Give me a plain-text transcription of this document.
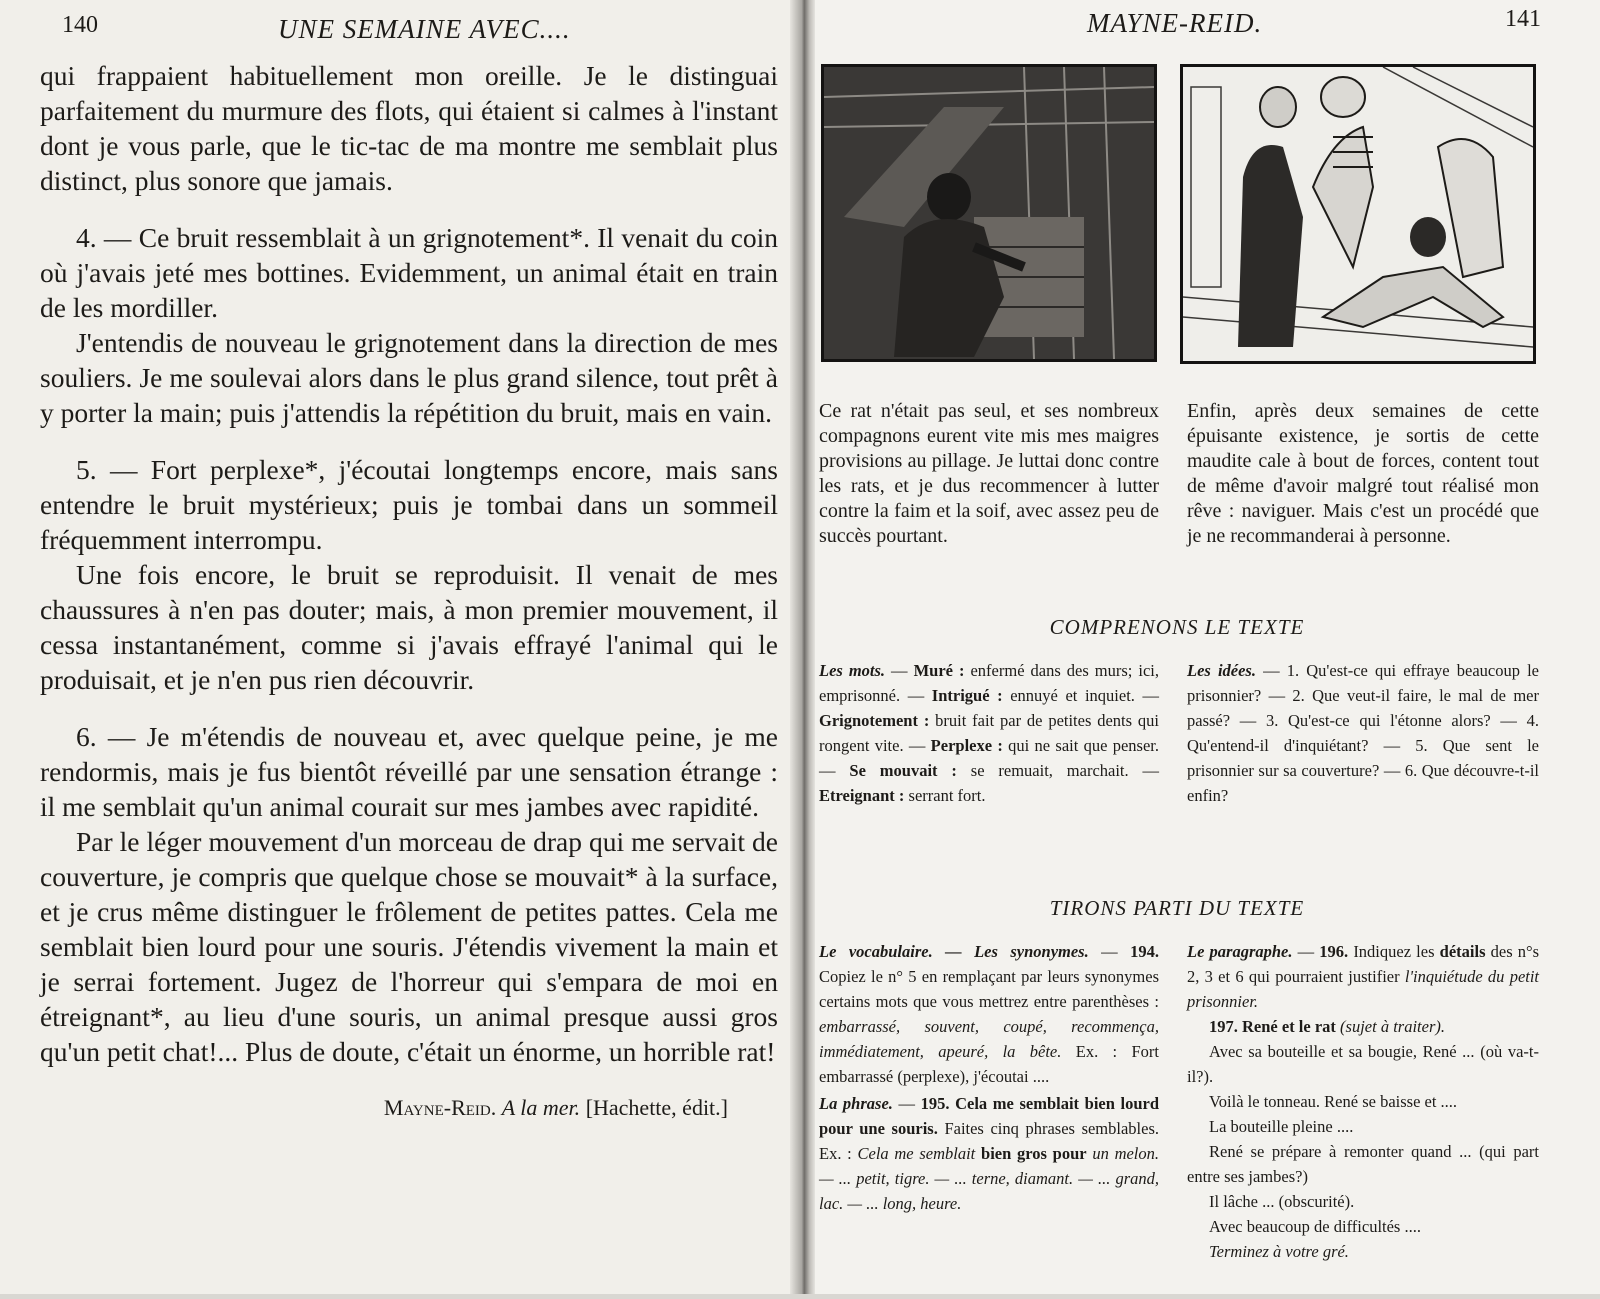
140	UNE SEMAINE AVEC....

qui frappaient habituellement mon oreille. Je le distinguai parfaitement du murmure des flots, qui étaient si calmes à l'instant dont je vous parle, que le tic-tac de ma montre me semblait plus distinct, plus sonore que jamais.

4. — Ce bruit ressemblait à un grignotement*. Il venait du coin où j'avais jeté mes bottines. Evidemment, un animal était en train de les mordiller.

J'entendis de nouveau le grignotement dans la direction de mes souliers. Je me soulevai alors dans le plus grand silence, tout prêt à y porter la main; puis j'attendis la répétition du bruit, mais en vain.

5. — Fort perplexe*, j'écoutai longtemps encore, mais sans entendre le bruit mystérieux; puis je tombai dans un sommeil fréquemment interrompu.

Une fois encore, le bruit se reproduisit. Il venait de mes chaussures à n'en pas douter; mais, à mon premier mouvement, il cessa instantanément, comme si j'avais effrayé l'animal qui le produisait, et je n'en pus rien découvrir.

6. — Je m'étendis de nouveau et, avec quelque peine, je me rendormis, mais je fus bientôt réveillé par une sensation étrange : il me semblait qu'un animal courait sur mes jambes avec rapidité.

Par le léger mouvement d'un morceau de drap qui me servait de couverture, je compris que quelque chose se mouvait* à la surface, et je crus même distinguer le frôlement de petites pattes. Cela me semblait bien lourd pour une souris. J'étendis vivement la main et je serrai fortement. Jugez de l'horreur qui s'empara de moi en étreignant*, au lieu d'une souris, un animal presque aussi gros qu'un petit chat!... Plus de doute, c'était un énorme, un horrible rat!

Mayne-Reid. A la mer. [Hachette, édit.]

MAYNE-REID.	141

Ce rat n'était pas seul, et ses nombreux compagnons eurent vite mis mes maigres provisions au pillage. Je luttai donc contre les rats, et je dus recommencer à lutter contre la faim et la soif, avec assez peu de succès pourtant.

Enfin, après deux semaines de cette épuisante existence, je sortis de cette maudite cale à bout de forces, content tout de même d'avoir malgré tout réalisé mon rêve : naviguer. Mais c'est un procédé que je ne recommanderai à personne.

COMPRENONS LE TEXTE

Les mots. — Muré : enfermé dans des murs; ici, emprisonné. — Intrigué : ennuyé et inquiet. — Grignotement : bruit fait par de petites dents qui rongent vite. — Perplexe : qui ne sait que penser. — Se mouvait : se remuait, marchait. — Etreignant : serrant fort.

Les idées. — 1. Qu'est-ce qui effraye beaucoup le prisonnier? — 2. Que veut-il faire, le mal de mer passé? — 3. Qu'est-ce qui l'étonne alors? — 4. Qu'entend-il d'inquiétant? — 5. Que sent le prisonnier sur sa couverture? — 6. Que découvre-t-il enfin?

TIRONS PARTI DU TEXTE

Le vocabulaire. — Les synonymes. — 194. Copiez le n° 5 en remplaçant par leurs synonymes certains mots que vous mettrez entre parenthèses : embarrassé, souvent, coupé, recommença, immédiatement, apeuré, la bête. Ex. : Fort embarrassé (perplexe), j'écoutai ....

La phrase. — 195. Cela me semblait bien lourd pour une souris. Faites cinq phrases semblables. Ex. : Cela me semblait bien gros pour un melon. — ... petit, tigre. — ... terne, diamant. — ... grand, lac. — ... long, heure.

Le paragraphe. — 196. Indiquez les détails des n°s 2, 3 et 6 qui pourraient justifier l'inquiétude du petit prisonnier.

197. René et le rat (sujet à traiter).

Avec sa bouteille et sa bougie, René ... (où va-t-il?).

Voilà le tonneau. René se baisse et ....

La bouteille pleine ....

René se prépare à remonter quand ... (qui part entre ses jambes?)

Il lâche ... (obscurité).

Avec beaucoup de difficultés ....

Terminez à votre gré.
